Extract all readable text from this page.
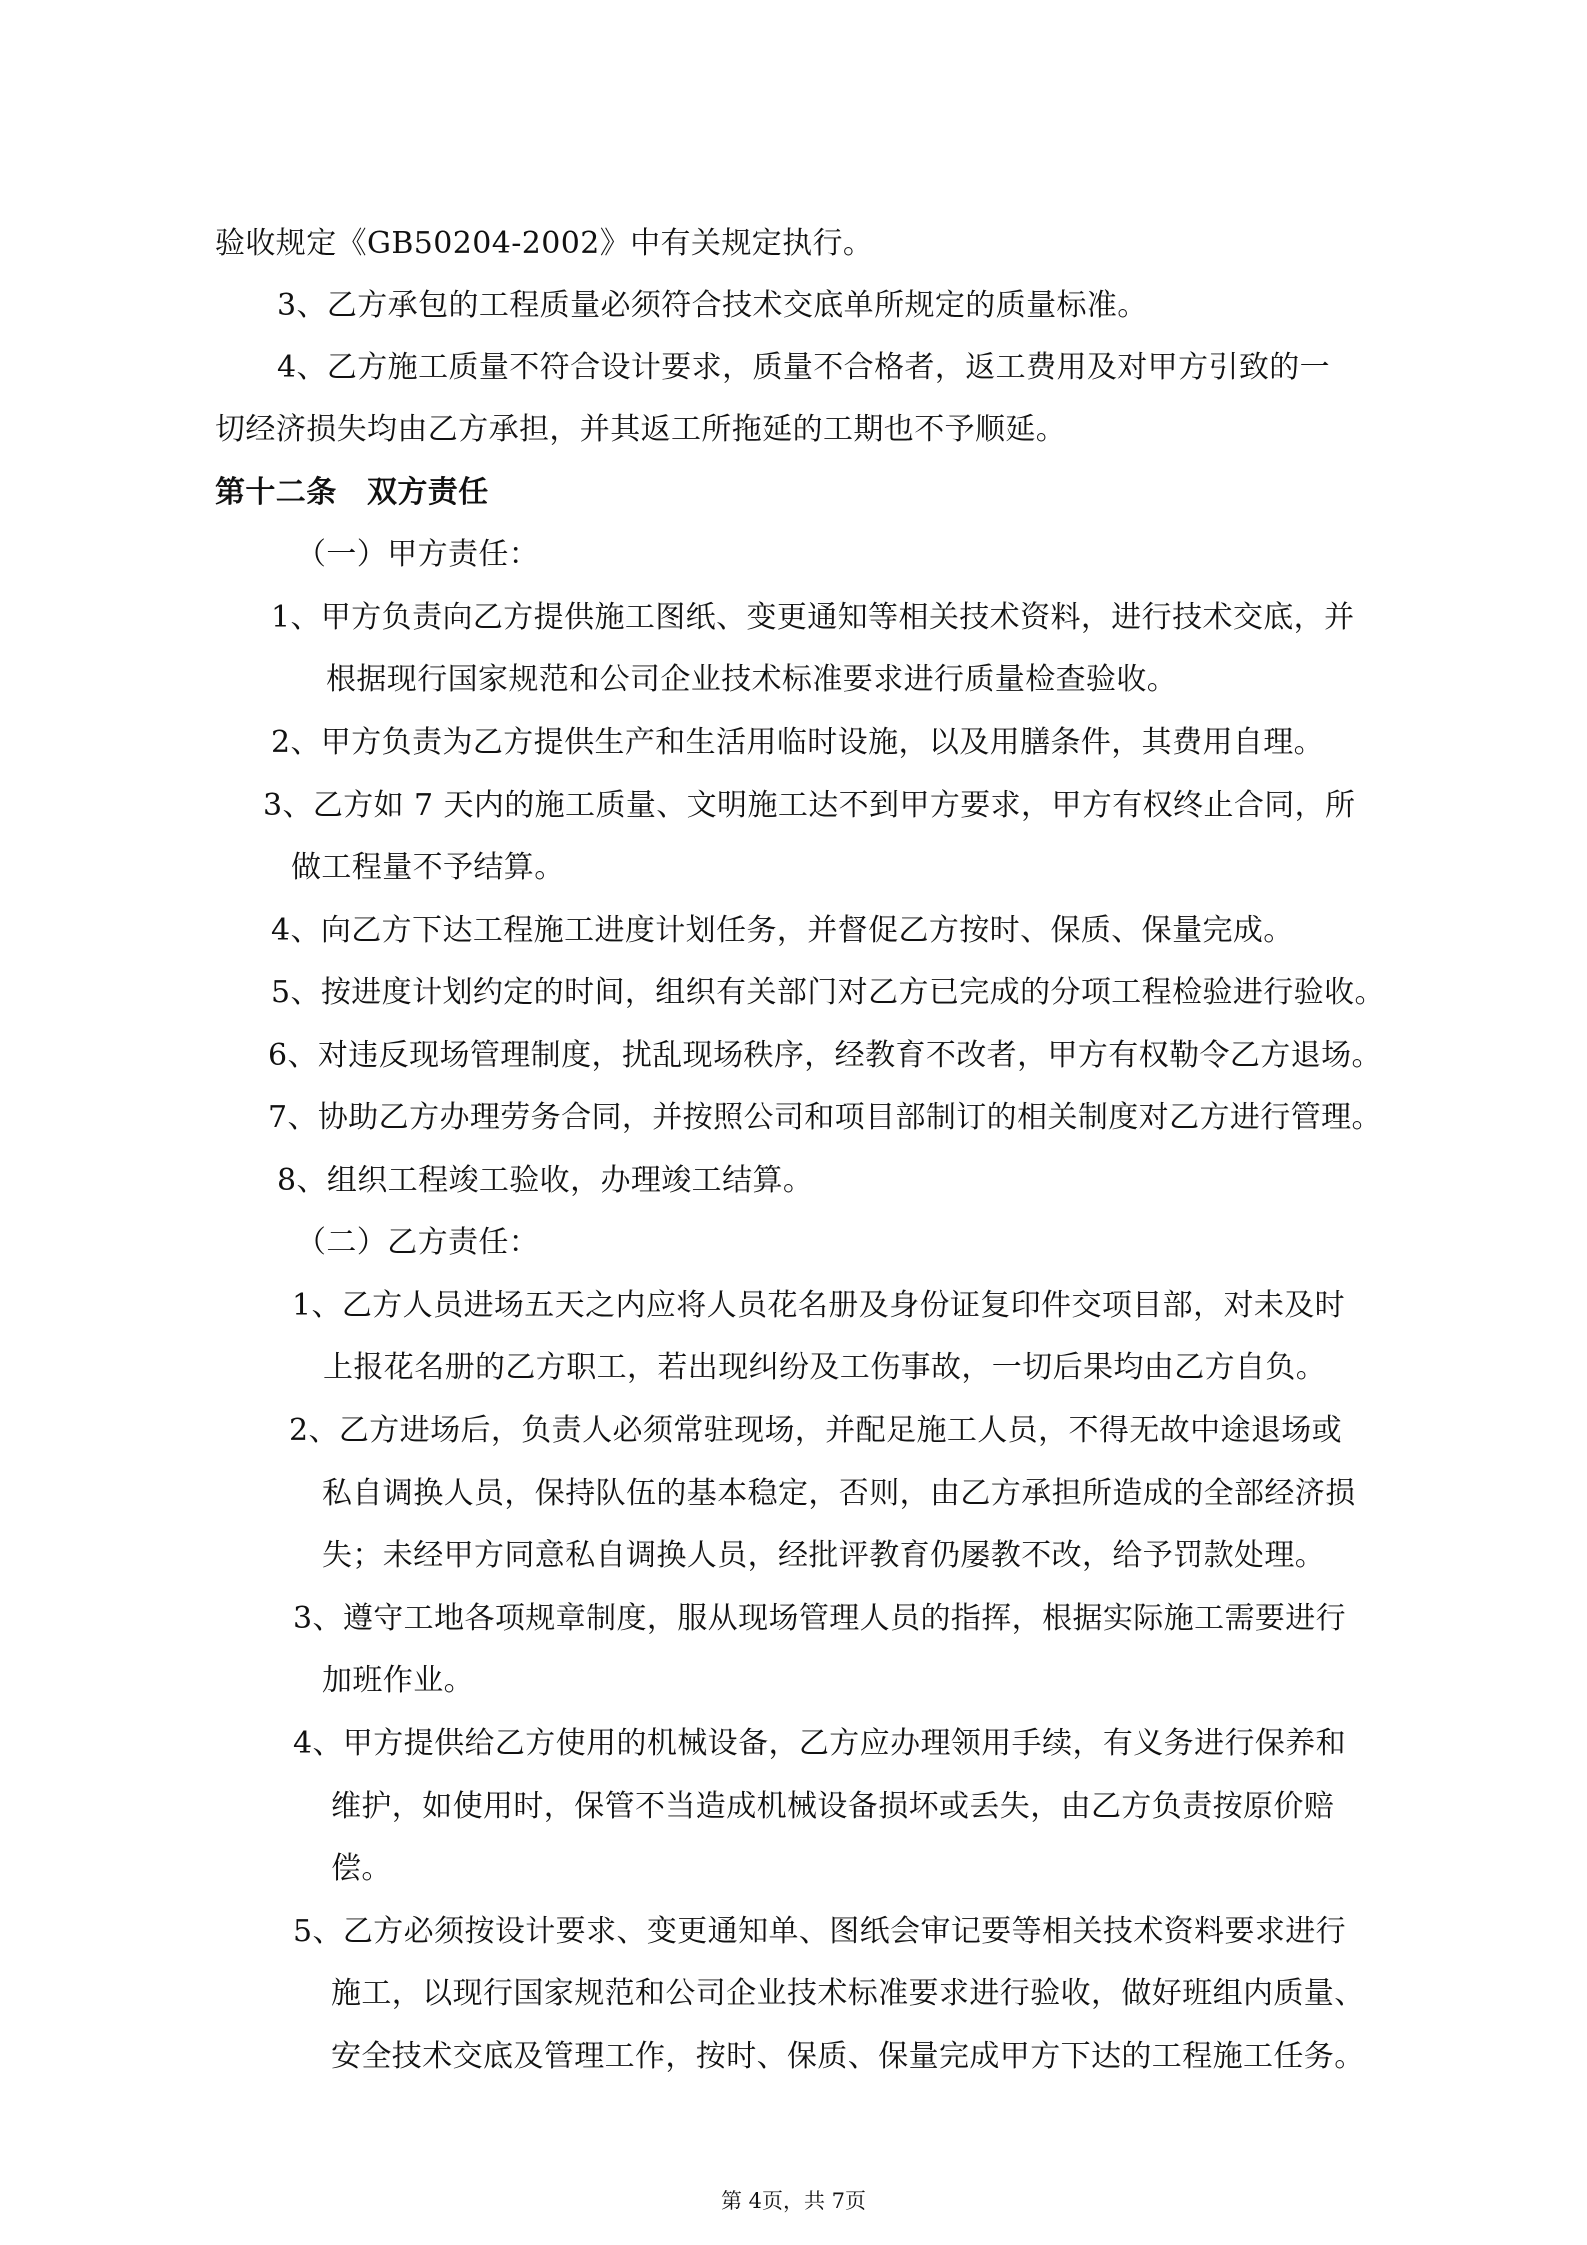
验收规定《GB50204-2002》中有关规定执行。

3、乙方承包的工程质量必须符合技术交底单所规定的质量标准。

4、乙方施工质量不符合设计要求，质量不合格者，返工费用及对甲方引致的一

切经济损失均由乙方承担，并其返工所拖延的工期也不予顺延。

第十二条　双方责任

（一）甲方责任：

1、甲方负责向乙方提供施工图纸、变更通知等相关技术资料，进行技术交底，并

根据现行国家规范和公司企业技术标准要求进行质量检查验收。

2、甲方负责为乙方提供生产和生活用临时设施，以及用膳条件，其费用自理。

3、乙方如 7 天内的施工质量、文明施工达不到甲方要求，甲方有权终止合同，所

做工程量不予结算。

4、向乙方下达工程施工进度计划任务，并督促乙方按时、保质、保量完成。

5、按进度计划约定的时间，组织有关部门对乙方已完成的分项工程检验进行验收。

6、对违反现场管理制度，扰乱现场秩序，经教育不改者，甲方有权勒令乙方退场。

7、协助乙方办理劳务合同，并按照公司和项目部制订的相关制度对乙方进行管理。

8、组织工程竣工验收，办理竣工结算。

（二）乙方责任：

1、乙方人员进场五天之内应将人员花名册及身份证复印件交项目部，对未及时

上报花名册的乙方职工，若出现纠纷及工伤事故，一切后果均由乙方自负。

2、乙方进场后，负责人必须常驻现场，并配足施工人员，不得无故中途退场或

私自调换人员，保持队伍的基本稳定，否则，由乙方承担所造成的全部经济损

失；未经甲方同意私自调换人员，经批评教育仍屡教不改，给予罚款处理。

3、遵守工地各项规章制度，服从现场管理人员的指挥，根据实际施工需要进行

加班作业。

4、甲方提供给乙方使用的机械设备，乙方应办理领用手续，有义务进行保养和

维护，如使用时，保管不当造成机械设备损坏或丢失，由乙方负责按原价赔

偿。

5、乙方必须按设计要求、变更通知单、图纸会审记要等相关技术资料要求进行

施工，以现行国家规范和公司企业技术标准要求进行验收，做好班组内质量、

安全技术交底及管理工作，按时、保质、保量完成甲方下达的工程施工任务。

第 4页，共 7页
